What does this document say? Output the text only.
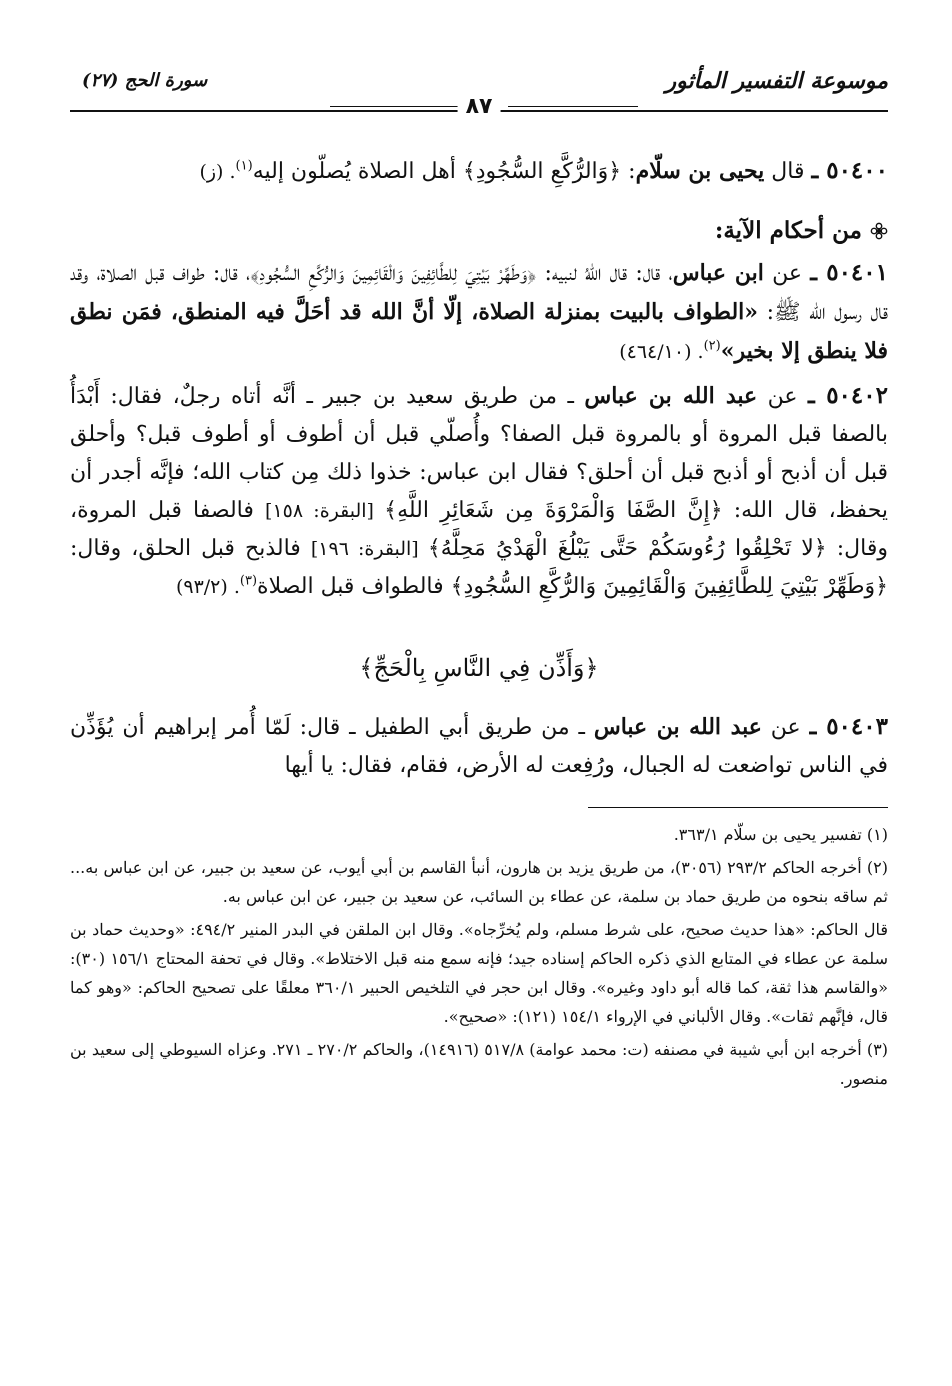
موسوعة التفسير المأثور
سورة الحج (٢٧)
٨٧

٥٠٤٠٠ ـ قال يحيى بن سلّام: ﴿وَالرُّكَّعِ السُّجُودِ﴾ أهل الصلاة يُصلّون إليه$^{(١)}$. (ز)

من أحكام الآية:

٥٠٤٠١ ـ عن ابن عباس، قال: قال اللهُ لنبيه: ﴿وَطَهِّرْ بَيْتِيَ لِلطَّائِفِينَ وَالْقَائِمِينَ وَالرُّكَّعِ السُّجُودِ﴾، قال: طواف قبل الصلاة، وقد قال رسول الله ﷺ: «الطواف بالبيت بمنزلة الصلاة، إلّا أنَّ الله قد أحَلَّ فيه المنطق، فمَن نطق فلا ينطق إلا بخير»$^{(٢)}$. (٤٦٤/١٠)

٥٠٤٠٢ ـ عن عبد الله بن عباس ـ من طريق سعيد بن جبير ـ أنَّه أتاه رجلٌ، فقال: أَبْدَأُ بالصفا قبل المروة أو بالمروة قبل الصفا؟ وأُصلّي قبل أن أطوف أو أطوف قبل؟ وأحلق قبل أن أذبح أو أذبح قبل أن أحلق؟ فقال ابن عباس: خذوا ذلك مِن كتاب الله؛ فإنَّه أجدر أن يحفظ، قال الله: ﴿إِنَّ الصَّفَا وَالْمَرْوَةَ مِن شَعَائِرِ اللَّهِ﴾ [البقرة: ١٥٨] فالصفا قبل المروة، وقال: ﴿لا تَحْلِقُوا رُءُوسَكُمْ حَتَّى يَبْلُغَ الْهَدْيُ مَحِلَّهُ﴾ [البقرة: ١٩٦] فالذبح قبل الحلق، وقال: ﴿وَطَهِّرْ بَيْتِيَ لِلطَّائِفِينَ وَالْقَائِمِينَ وَالرُّكَّعِ السُّجُودِ﴾ فالطواف قبل الصلاة$^{(٣)}$. (٩٣/٢)

﴿وَأَذِّن فِي النَّاسِ بِالْحَجِّ﴾

٥٠٤٠٣ ـ عن عبد الله بن عباس ـ من طريق أبي الطفيل ـ قال: لَمّا أُمر إبراهيم أن يُؤَذِّن في الناس تواضعت له الجبال، ورُفِعت له الأرض، فقام، فقال: يا أيها

(١) تفسير يحيى بن سلّام ٣٦٣/١.

(٢) أخرجه الحاكم ٢٩٣/٢ (٣٠٥٦)، من طريق يزيد بن هارون، أنبأ القاسم بن أبي أيوب، عن سعيد بن جبير، عن ابن عباس به... ثم ساقه بنحوه من طريق حماد بن سلمة، عن عطاء بن السائب، عن سعيد بن جبير، عن ابن عباس به.

قال الحاكم: «هذا حديث صحيح، على شرط مسلم، ولم يُخرِّجاه». وقال ابن الملقن في البدر المنير ٤٩٤/٢: «وحديث حماد بن سلمة عن عطاء في المتابع الذي ذكره الحاكم إسناده جيد؛ فإنه سمع منه قبل الاختلاط». وقال في تحفة المحتاج ١٥٦/١ (٣٠): «والقاسم هذا ثقة، كما قاله أبو داود وغيره». وقال ابن حجر في التلخيص الحبير ٣٦٠/١ معلقًا على تصحيح الحاكم: «وهو كما قال، فإنَّهم ثقات». وقال الألباني في الإرواء ١٥٤/١ (١٢١): «صحيح».

(٣) أخرجه ابن أبي شيبة في مصنفه (ت: محمد عوامة) ٥١٧/٨ (١٤٩١٦)، والحاكم ٢٧٠/٢ ـ ٢٧١. وعزاه السيوطي إلى سعيد بن منصور.
